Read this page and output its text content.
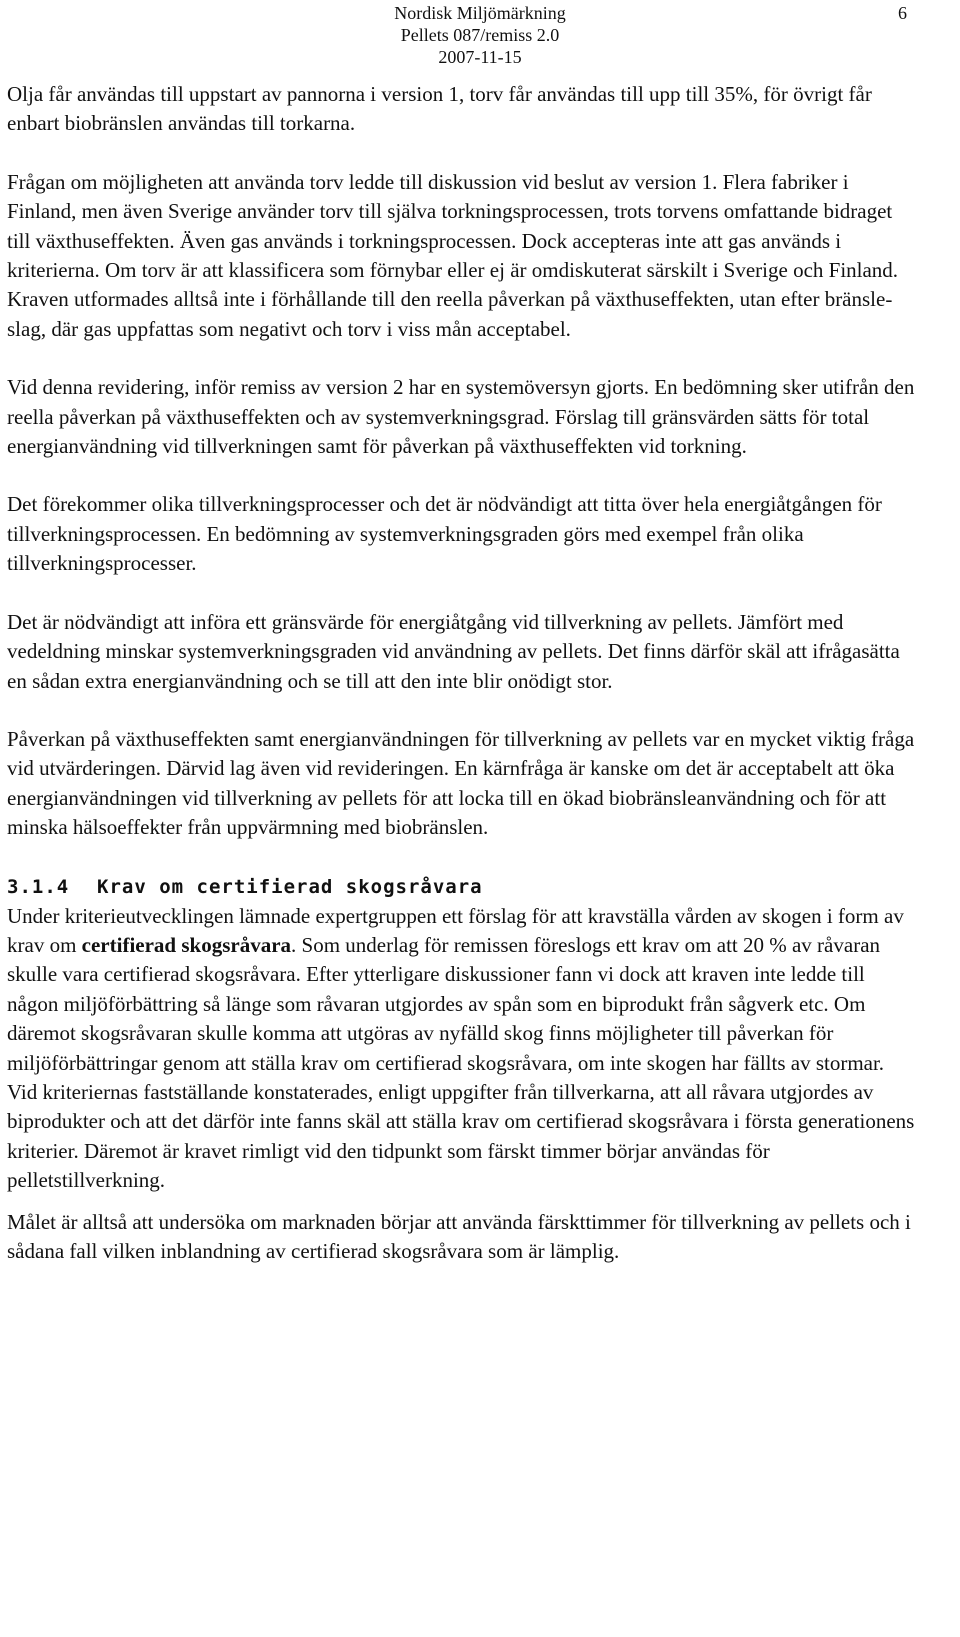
Nordisk Miljömärkning
Pellets 087/remiss 2.0
2007-11-15
6

Olja får användas till uppstart av pannorna i version 1, torv får användas till upp till 35%, för övrigt får enbart biobränslen användas till torkarna.

Frågan om möjligheten att använda torv ledde till diskussion vid beslut av version 1. Flera fabriker i Finland, men även Sverige använder torv till själva torkningsprocessen, trots torvens omfattande bidraget till växthuseffekten. Även gas används i torkningsprocessen. Dock accepteras inte att gas används i kriterierna. Om torv är att klassificera som förnybar eller ej är omdiskuterat särskilt i Sverige och Finland. Kraven utformades alltså inte i förhållande till den reella påverkan på växthuseffekten, utan efter bränsle-slag, där gas uppfattas som negativt och torv i viss mån acceptabel.

Vid denna revidering, inför remiss av version 2 har en systemöversyn gjorts. En bedömning sker utifrån den reella påverkan på växthuseffekten och av systemverkningsgrad. Förslag till gränsvärden sätts för total energianvändning vid tillverkningen samt för påverkan på växthuseffekten vid torkning.

Det förekommer olika tillverkningsprocesser och det är nödvändigt att titta över hela energiåtgången för tillverkningsprocessen. En bedömning av systemverkningsgraden görs med exempel från olika tillverkningsprocesser.

Det är nödvändigt att införa ett gränsvärde för energiåtgång vid tillverkning av pellets. Jämfört med vedeldning minskar systemverkningsgraden vid användning av pellets. Det finns därför skäl att ifrågasätta en sådan extra energianvändning och se till att den inte blir onödigt stor.

Påverkan på växthuseffekten samt energianvändningen för tillverkning av pellets var en mycket viktig fråga vid utvärderingen. Därvid lag även vid revideringen. En kärnfråga är kanske om det är acceptabelt att öka energianvändningen vid tillverkning av pellets för att locka till en ökad biobränsleanvändning och för att minska hälsoeffekter från uppvärmning med biobränslen.

3.1.4 Krav om certifierad skogsråvara

Under kriterieutvecklingen lämnade expertgruppen ett förslag för att kravställa vården av skogen i form av krav om certifierad skogsråvara. Som underlag för remissen föreslogs ett krav om att 20 % av råvaran skulle vara certifierad skogsråvara. Efter ytterligare diskussioner fann vi dock att kraven inte ledde till någon miljöförbättring så länge som råvaran utgjordes av spån som en biprodukt från sågverk etc. Om däremot skogsråvaran skulle komma att utgöras av nyfälld skog finns möjligheter till påverkan för miljöförbättringar genom att ställa krav om certifierad skogsråvara, om inte skogen har fällts av stormar. Vid kriteriernas fastställande konstaterades, enligt uppgifter från tillverkarna, att all råvara utgjordes av biprodukter och att det därför inte fanns skäl att ställa krav om certifierad skogsråvara i första generationens kriterier. Däremot är kravet rimligt vid den tidpunkt som färskt timmer börjar användas för pelletstillverkning.

Målet är alltså att undersöka om marknaden börjar att använda färskttimmer för tillverkning av pellets och i sådana fall vilken inblandning av certifierad skogsråvara som är lämplig.
